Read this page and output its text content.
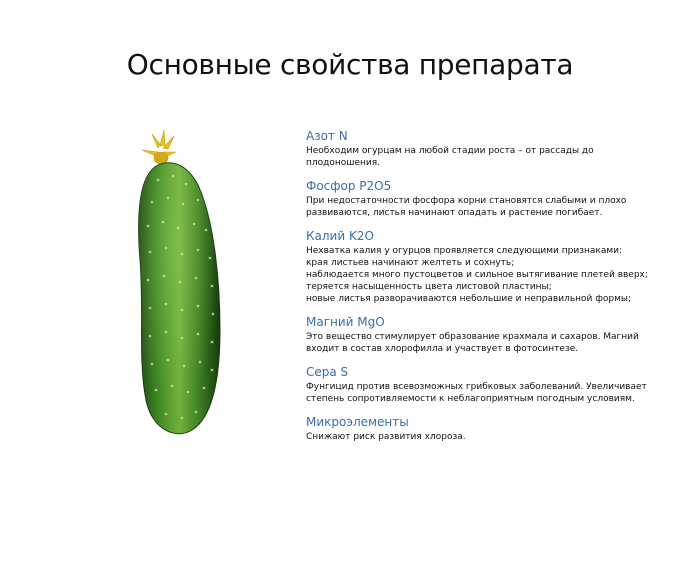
Основные свойства препарата
Азот N
Необходим огурцам на любой стадии роста – от рассады до
плодоношения.
Фосфор P2O5
При недостаточности фосфора корни становятся слабыми и плохо
развиваются, листья начинают опадать и растение погибает.
Калий K2O
Нехватка калия у огурцов проявляется следующими признаками:
края листьев начинают желтеть и сохнуть;
наблюдается много пустоцветов и сильное вытягивание плетей вверх;
теряется насыщенность цвета листовой пластины;
новые листья разворачиваются небольшие и неправильной формы;
Магний MgO
Это вещество стимулирует образование крахмала и сахаров. Магний
входит в состав хлорофилла и участвует в фотосинтезе.
Сера S
Фунгицид против всевозможных грибковых заболеваний. Увеличивает
степень сопротивляемости к неблагоприятным погодным условиям.
Микроэлементы
Снижают риск развития хлороза.
